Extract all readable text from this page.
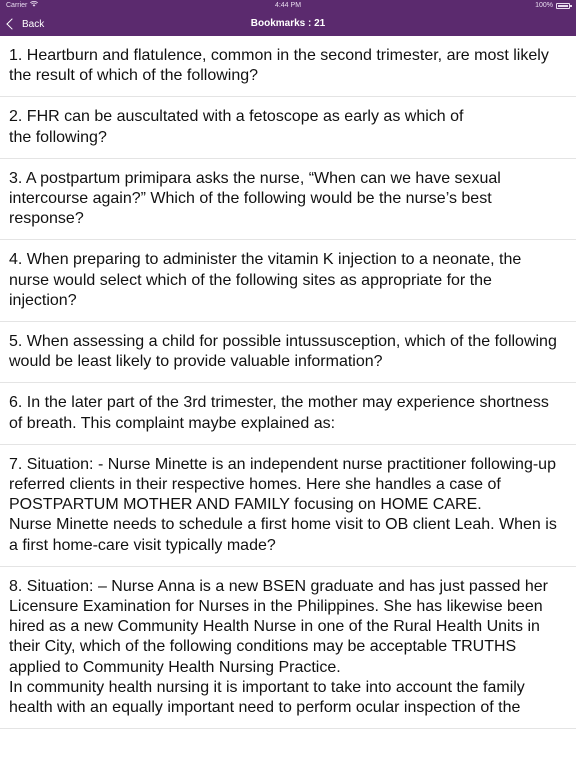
Carrier	4:44 PM	100%
Bookmarks : 21
Back
1. Heartburn and flatulence, common in the second trimester, are most likely
the result of which of the following?
2. FHR can be auscultated with a fetoscope as early as which of
the following?
3. A postpartum primipara asks the nurse, “When can we have sexual
intercourse again?” Which of the following would be the nurse’s best
response?
4. When preparing to administer the vitamin K injection to a neonate, the
nurse would select which of the following sites as appropriate for the
injection?
5. When assessing a child for possible intussusception, which of the following
would be least likely to provide valuable information?
6. In the later part of the 3rd trimester, the mother may experience shortness
of breath. This complaint maybe explained as:
7. Situation: - Nurse Minette is an independent nurse practitioner following-up
referred clients in their respective homes. Here she handles a case of
POSTPARTUM MOTHER AND FAMILY focusing on HOME CARE.
Nurse Minette needs to schedule a first home visit to OB client Leah. When is
a first home-care visit typically made?
8. Situation: – Nurse Anna is a new BSEN graduate and has just passed her
Licensure Examination for Nurses in the Philippines. She has likewise been
hired as a new Community Health Nurse in one of the Rural Health Units in
their City, which of the following conditions may be acceptable TRUTHS
applied to Community Health Nursing Practice.
In community health nursing it is important to take into account the family
health with an equally important need to perform ocular inspection of the
